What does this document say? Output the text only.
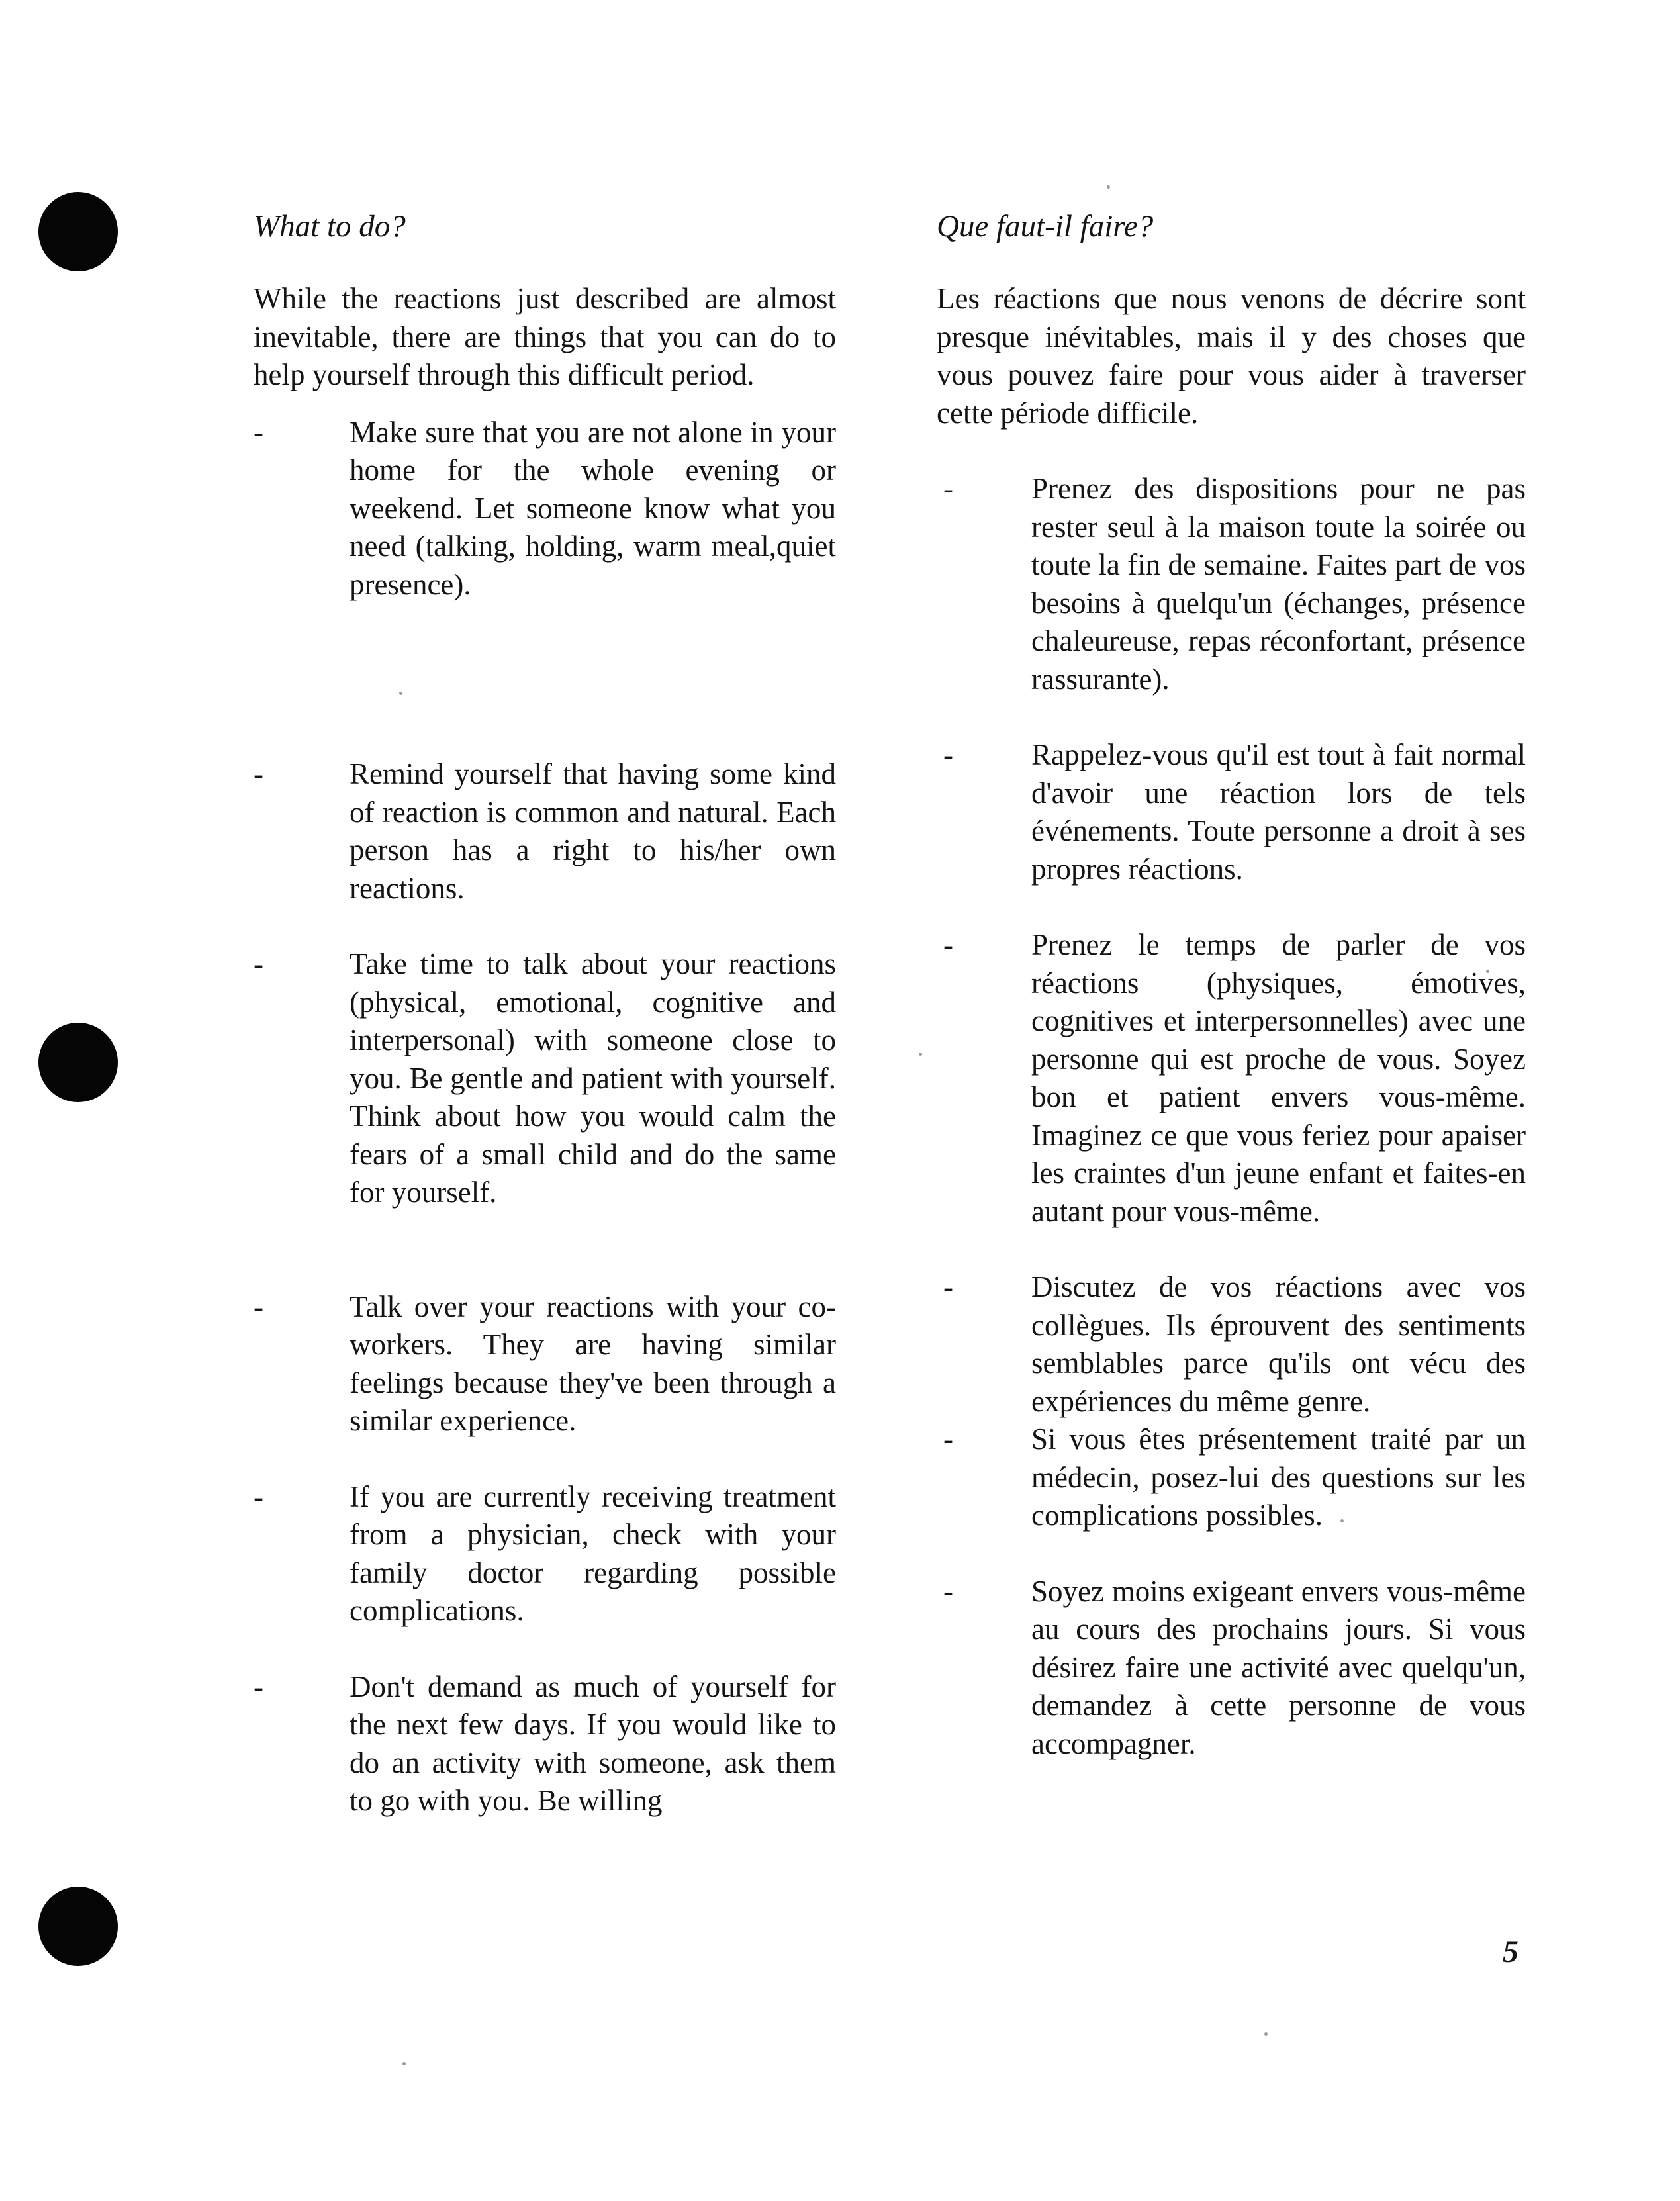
What to do?

While the reactions just described are almost inevitable, there are things that you can do to help yourself through this difficult period.

-	Make sure that you are not alone in your home for the whole evening or weekend. Let someone know what you need (talking, holding, warm meal,quiet presence).

-	Remind yourself that having some kind of reaction is common and natural. Each person has a right to his/her own reactions.

-	Take time to talk about your reactions (physical, emotional, cognitive and interpersonal) with someone close to you. Be gentle and patient with yourself. Think about how you would calm the fears of a small child and do the same for yourself.

-	Talk over your reactions with your co-workers. They are having similar feelings because they've been through a similar experience.

-	If you are currently receiving treatment from a physician, check with your family doctor regarding possible complications.

-	Don't demand as much of yourself for the next few days. If you would like to do an activity with someone, ask them to go with you. Be willing

Que faut-il faire?

Les réactions que nous venons de décrire sont presque inévitables, mais il y des choses que vous pouvez faire pour vous aider à traverser cette période difficile.

-	Prenez des dispositions pour ne pas rester seul à la maison toute la soirée ou toute la fin de semaine. Faites part de vos besoins à quelqu'un (échanges, présence chaleureuse, repas réconfortant, présence rassurante).

-	Rappelez-vous qu'il est tout à fait normal d'avoir une réaction lors de tels événements. Toute personne a droit à ses propres réactions.

-	Prenez le temps de parler de vos réactions (physiques, émotives, cognitives et interpersonnelles) avec une personne qui est proche de vous. Soyez bon et patient envers vous-même. Imaginez ce que vous feriez pour apaiser les craintes d'un jeune enfant et faites-en autant pour vous-même.

-	Discutez de vos réactions avec vos collègues. Ils éprouvent des sentiments semblables parce qu'ils ont vécu des expériences du même genre.

-	Si vous êtes présentement traité par un médecin, posez-lui des questions sur les complications possibles.

-	Soyez moins exigeant envers vous-même au cours des prochains jours. Si vous désirez faire une activité avec quelqu'un, demandez à cette personne de vous accompagner.

5
